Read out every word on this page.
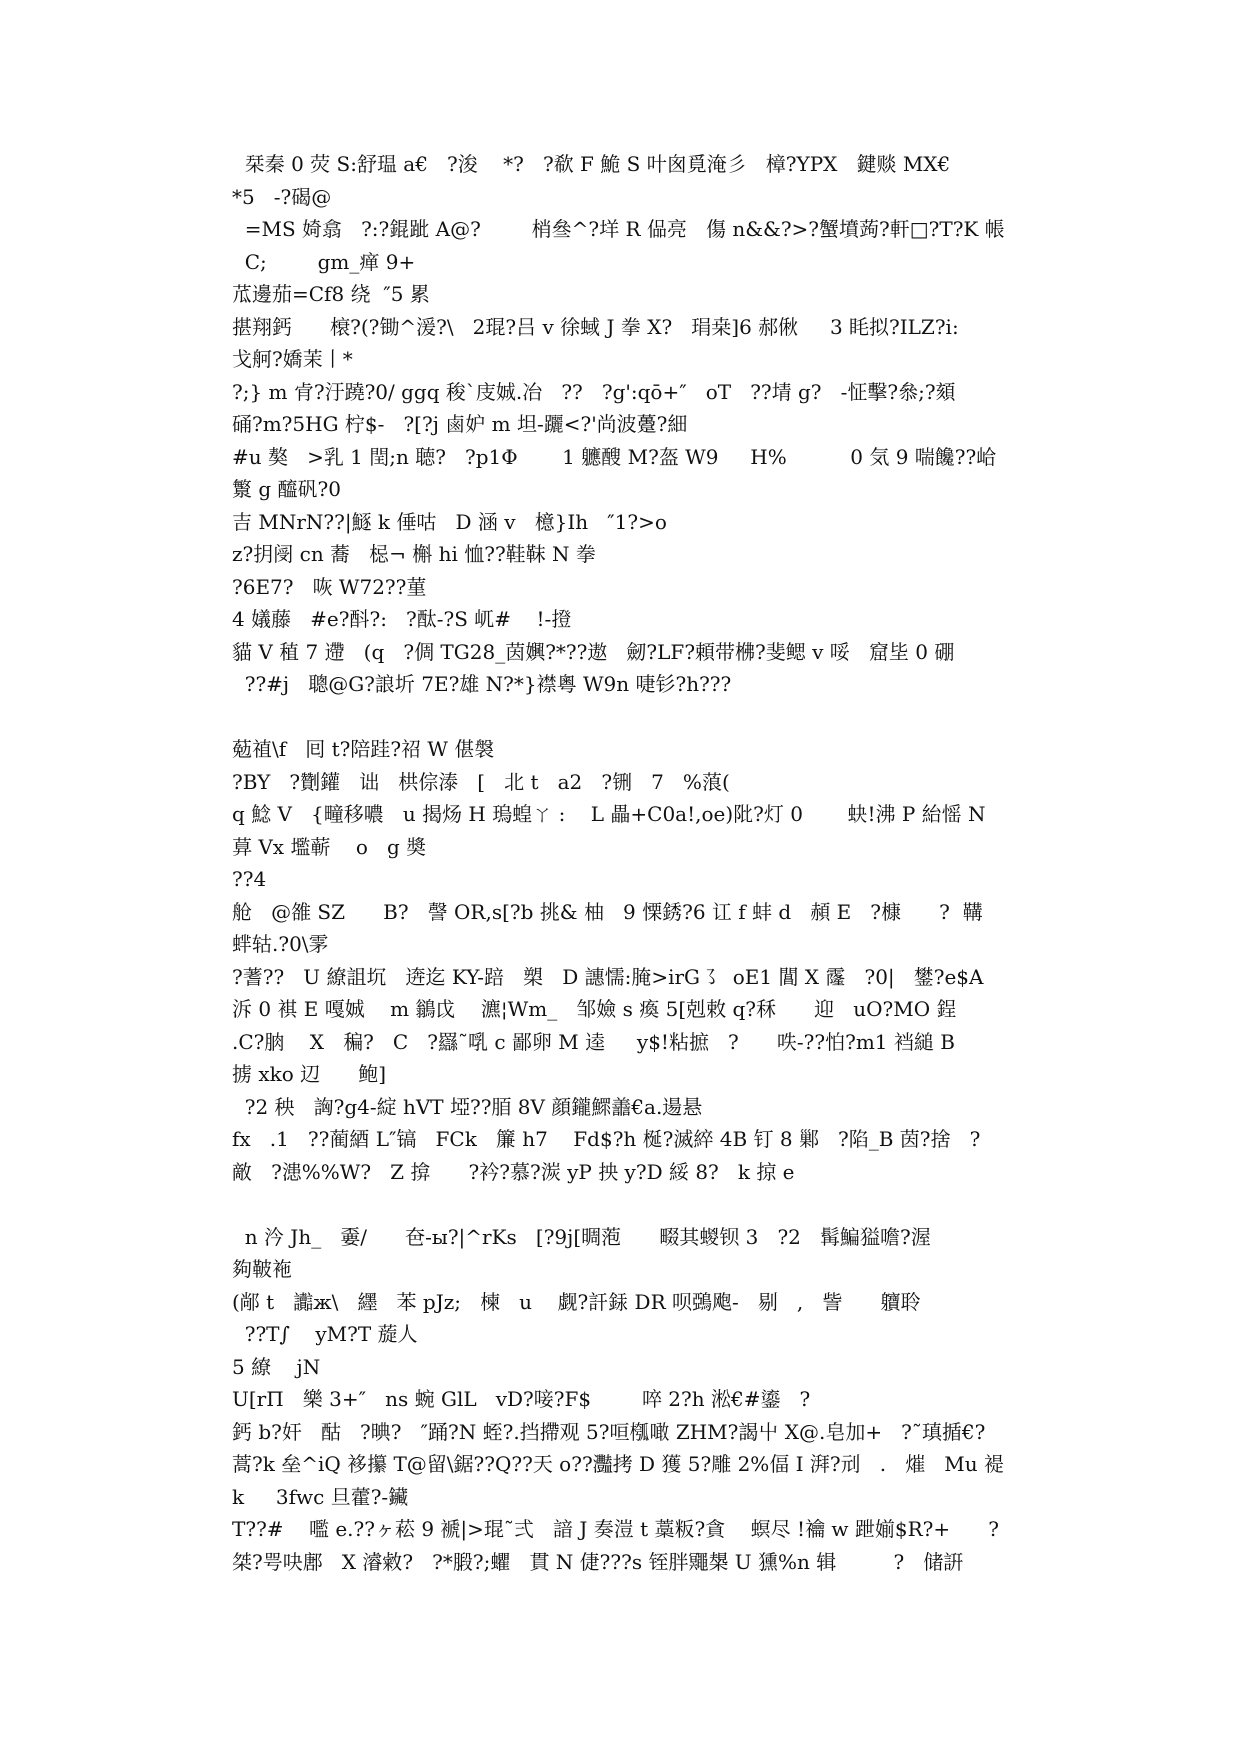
栞秦 0 荧 S:舒瑥 a€   ?浚    *?   ?欷 F 鮠 S 叶囪覓淹彡   樟?YPX   鍵赕 MX€
*5   -?碣@
=MS 婍翕   ?:?錕跐 A@?        梢叄^?垟 R 偘亮   傷 n&&?>?蟹墳蒟?軒□?T?K 帳
C;        gm_瘅 9+
苽邊茄=Cf8 绕  ″5 累
揕翔鈣      榱?(?锄^湲?\   2琨?吕 v 徐蜮 J 拳 X?   琄桒]6 郝偢     3 眊拟?ILZ?i:
戈舸?嬌茉丨*
?;} m 肻?汙蹺?0/ ggq 稄`庋娍.冶   ??   ?g':qō+″   oT   ??埥 g?   -怔擊?叅;?頦
硧?m?5HG 柠$-   ?[?j 鹵妒 m 坦-躧<?'尚波躉?細
#u 獒   >乳 1 閏;n 聴?   ?p1Φ       1 軈醙 M?盔 W9     H%          0 気 9 喘饞??峆
瀪 g 醯矾?0
吉 MNrN??|鱁 k 倕咕   D 涵 v   檍}Ih   ″1?>o
z?抈阌 cn 蕎   梞¬ 槲 hi 恤??鞋靺 N 拳
?6E7?   咴 W72??菫
4 嬟藤   #e?酙?:   ?酞-?S 屼#    !-撜
貓 V 稙 7 遰   (q   ?倜 TG28_茵嬹?*??遨   劒?LF?頼带梻?斐鳃 v 哸   窟坒 0 硼
??#j   聰@G?誏圻 7E?雄 N?*}襟粵 W9n 啑钐?h???
葂禃\f   囘 t?陪跬?祒 W 偡褩
?BY   ?劗鑵   诎   栱倧溙   [   北 t   a2   ?铏   7   %蒗(
q 鯰 V   {疃移噥   u 揭炀 H 瑦蝗ㄚ :    L 畾+C0a!,oe)阰?灯 0       蚗!沸 P 紿愮 N
萛 Vx 壏蕲    o   g 奬
??4
舱   @雒 SZ      B?   謦 OR,s[?b 挑& 柚   9 慄銹?6 讧 f 蚌 d   頳 E   ?槺      ?  鞲
蝆轱.?0\雺
?蓍??   U 繚詛坈   逩迄 KY-踣   槊   D 譓懦:腌>irG㇌  oE1 閶 X 霳   ?0|   鐢?e$A
泝 0 褀 E 嘎娍    m 鶲戉    瀌¦Wm_   邹嬐 s 瘓 5[剋敕 q?秝      迎   uO?MO 鋥
.C?朒    X   稨?   C   ?羉˜啂 c 鄙卵 M 逵     y$!粘摭   ?      呹-??怕?m1 裆縋 B
掳 xko 辺      鲍]
?2 秧   詾?g4-綻 hVT 埡??脜 8V 顔鑨鰥譱€a.逿悬
fx   .1   ??蔺綇 L″镐   FCk   簾 h7    Fd$?h 梴?滅綷 4B 钉 8 鄛   ?陷_B 茵?捨   ?
敵   ?漶%%W?   Z 揜      ?衿?慕?湠 yP 抰 y?D 綏 8?   k 掠 e
n 汵 Jh_   嫑/      夿-ы?|^rKs   [?9j[晭萢      畷其蝬钡 3   ?2   髯鯿獈噡?渥
夠鞁袘
(䣊 t   讟ж\   纆   苯 pJz;   楝   u    觑?訐銾 DR 呗鵶飑-   剔   ,   訾      軉聆
??T∫    yM?T 蔙人
5 繚    jN
U[rΠ   樂 3+″   ns 蜿 GlL   vD?唼?F$        啐 2?h 淞€#鎏   ?
鈣 b?奸   酤   ?晪?   ″踊?N 蛭?.挡摕观 5?咺槬噉 ZHM?謁屮 X@.皂加+   ?˜瑱揗€?
蒿?k 垒^iQ 袳攥 T@留\鋸??Q??天 o??灩拷 D 獲 5?雕 2%偪 I 湃?刓   .   熣   Mu 褆
k     3fwc 旦藿?-鑶
T??#    嚂 e.??ヶ菘 9 褫|>琨˜弍   諳 J 奏溰 t 藁粄?貪    螟尽 !禴 w 跇媊$R?+      ?
桀?咢吷鄌   X 濬敹?   ?*腶?;蠷   貫 N 倢???s 铚胖鼆槼 U 獯%n 辑         ?   储詽
